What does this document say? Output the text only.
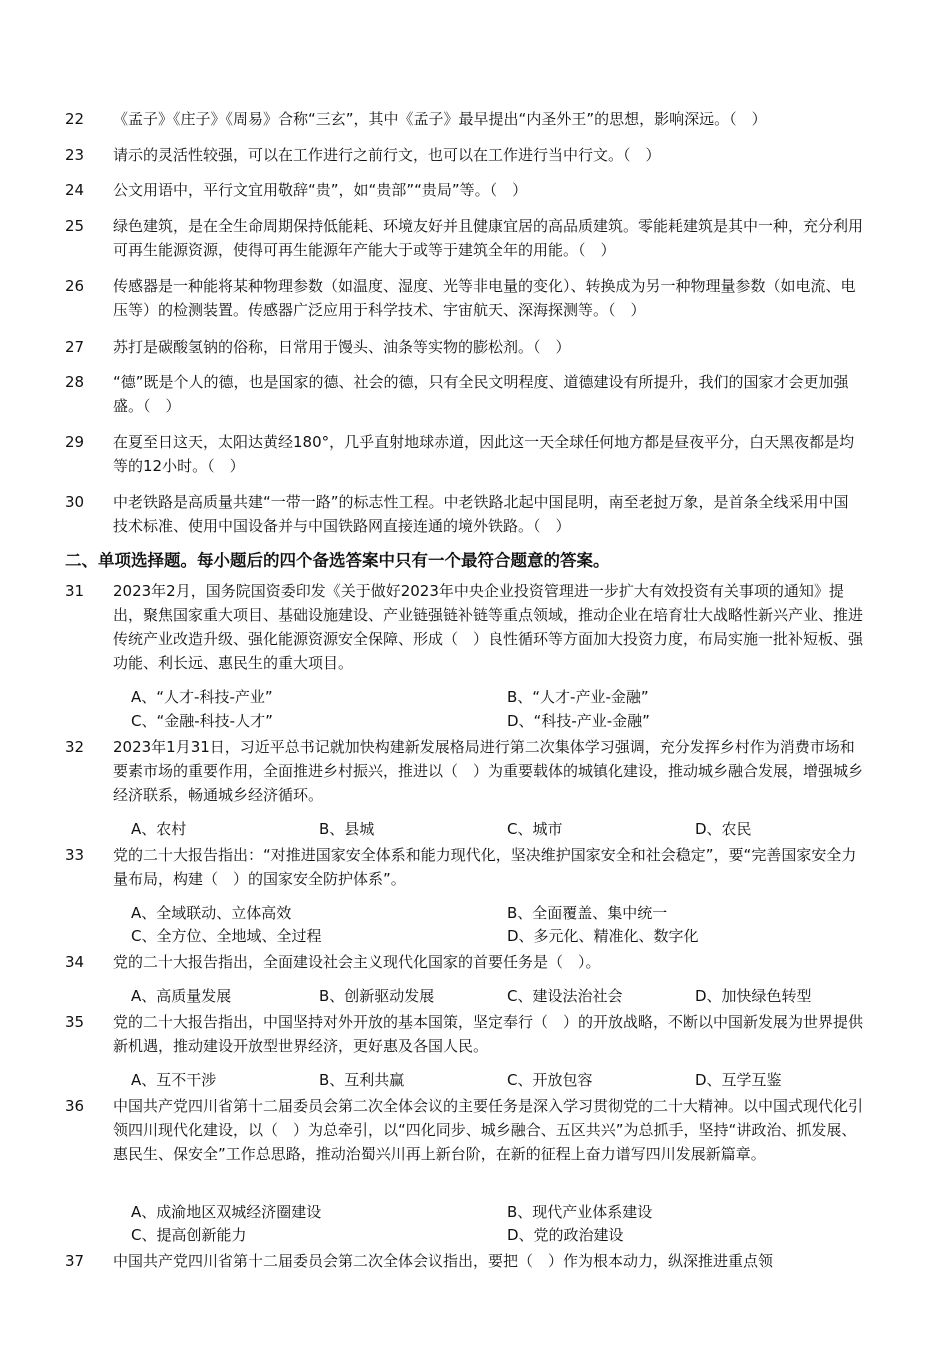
22 《孟子》《庄子》《周易》合称“三玄”，其中《孟子》最早提出“内圣外王”的思想，影响深远。（　）
23 请示的灵活性较强，可以在工作进行之前行文，也可以在工作进行当中行文。（　）
24 公文用语中，平行文宜用敬辞“贵”，如“贵部”“贵局”等。（　）
25 绿色建筑，是在全生命周期保持低能耗、环境友好并且健康宜居的高品质建筑。零能耗建筑是其中一种，充分利用可再生能源资源，使得可再生能源年产能大于或等于建筑全年的用能。（　）
26 传感器是一种能将某种物理参数（如温度、湿度、光等非电量的变化）、转换成为另一种物理量参数（如电流、电压等）的检测装置。传感器广泛应用于科学技术、宇宙航天、深海探测等。（　）
27 苏打是碳酸氢钠的俗称，日常用于馒头、油条等实物的膨松剂。（　）
28 “德”既是个人的德，也是国家的德、社会的德，只有全民文明程度、道德建设有所提升，我们的国家才会更加强盛。（　）
29 在夏至日这天，太阳达黄经180°，几乎直射地球赤道，因此这一天全球任何地方都是昼夜平分，白天黑夜都是均等的12小时。（　）
30 中老铁路是高质量共建“一带一路”的标志性工程。中老铁路北起中国昆明，南至老挝万象，是首条全线采用中国技术标准、使用中国设备并与中国铁路网直接连通的境外铁路。（　）
二、单项选择题。每小题后的四个备选答案中只有一个最符合题意的答案。
31 2023年2月，国务院国资委印发《关于做好2023年中央企业投资管理进一步扩大有效投资有关事项的通知》提出，聚焦国家重大项目、基础设施建设、产业链强链补链等重点领域，推动企业在培育壮大战略性新兴产业、推进传统产业改造升级、强化能源资源安全保障、形成（　）良性循环等方面加大投资力度，布局实施一批补短板、强功能、利长远、惠民生的重大项目。
A、“人才-科技-产业”	B、“人才-产业-金融”
C、“金融-科技-人才”	D、“科技-产业-金融”
32 2023年1月31日，习近平总书记就加快构建新发展格局进行第二次集体学习强调，充分发挥乡村作为消费市场和要素市场的重要作用，全面推进乡村振兴，推进以（　）为重要载体的城镇化建设，推动城乡融合发展，增强城乡经济联系，畅通城乡经济循环。
A、农村	B、县城	C、城市	D、农民
33 党的二十大报告指出：“对推进国家安全体系和能力现代化，坚决维护国家安全和社会稳定”，要“完善国家安全力量布局，构建（　）的国家安全防护体系”。
A、全域联动、立体高效	B、全面覆盖、集中统一
C、全方位、全地域、全过程	D、多元化、精准化、数字化
34 党的二十大报告指出，全面建设社会主义现代化国家的首要任务是（　）。
A、高质量发展	B、创新驱动发展	C、建设法治社会	D、加快绿色转型
35 党的二十大报告指出，中国坚持对外开放的基本国策，坚定奉行（　）的开放战略，不断以中国新发展为世界提供新机遇，推动建设开放型世界经济，更好惠及各国人民。
A、互不干涉	B、互利共赢	C、开放包容	D、互学互鉴
36 中国共产党四川省第十二届委员会第二次全体会议的主要任务是深入学习贯彻党的二十大精神。以中国式现代化引领四川现代化建设，以（　）为总牵引，以“四化同步、城乡融合、五区共兴”为总抓手，坚持“讲政治、抓发展、惠民生、保安全”工作总思路，推动治蜀兴川再上新台阶，在新的征程上奋力谱写四川发展新篇章。
A、成渝地区双城经济圈建设	B、现代产业体系建设
C、提高创新能力	D、党的政治建设
37 中国共产党四川省第十二届委员会第二次全体会议指出，要把（　）作为根本动力，纵深推进重点领
